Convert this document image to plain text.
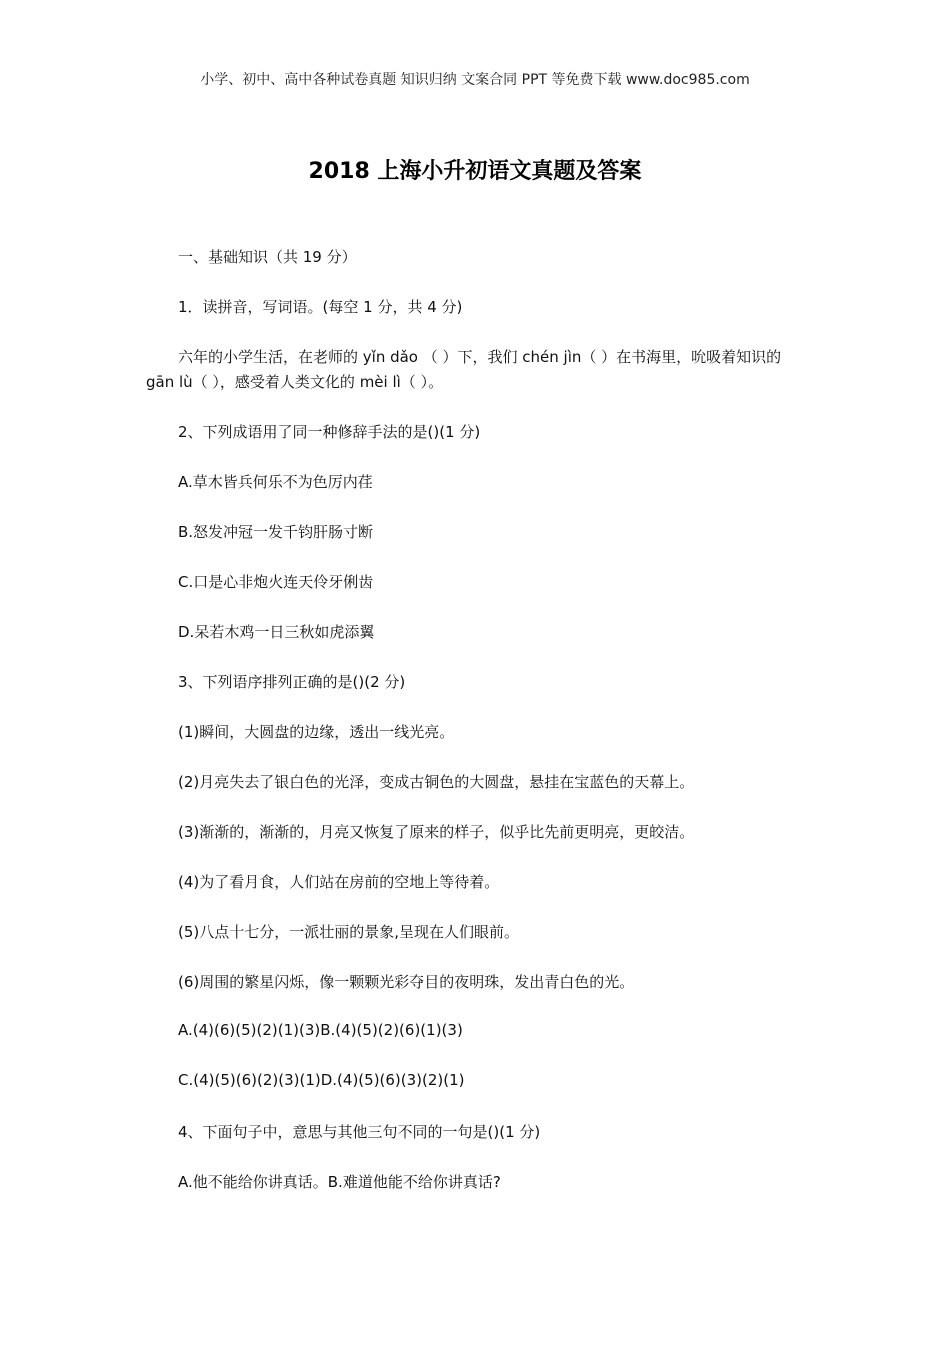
小学、初中、高中各种试卷真题 知识归纳 文案合同 PPT 等免费下载 www.doc985.com
2018 上海小升初语文真题及答案
一、基础知识（共 19 分）
1．读拼音，写词语。(每空 1 分，共 4 分)
六年的小学生活，在老师的 yǐn dǎo （ ）下，我们 chén jìn（ ）在书海里，吮吸着知识的 gān lù（ ），感受着人类文化的 mèi lì（ ）。
2、下列成语用了同一种修辞手法的是()(1 分)
A.草木皆兵何乐不为色厉内荏
B.怒发冲冠一发千钧肝肠寸断
C.口是心非炮火连天伶牙俐齿
D.呆若木鸡一日三秋如虎添翼
3、下列语序排列正确的是()(2 分)
(1)瞬间，大圆盘的边缘，透出一线光亮。
(2)月亮失去了银白色的光泽，变成古铜色的大圆盘，悬挂在宝蓝色的天幕上。
(3)渐渐的，渐渐的，月亮又恢复了原来的样子，似乎比先前更明亮，更皎洁。
(4)为了看月食，人们站在房前的空地上等待着。
(5)八点十七分，一派壮丽的景象,呈现在人们眼前。
(6)周围的繁星闪烁，像一颗颗光彩夺目的夜明珠，发出青白色的光。
A.(4)(6)(5)(2)(1)(3)B.(4)(5)(2)(6)(1)(3)
C.(4)(5)(6)(2)(3)(1)D.(4)(5)(6)(3)(2)(1)
4、下面句子中，意思与其他三句不同的一句是()(1 分)
A.他不能给你讲真话。B.难道他能不给你讲真话?
